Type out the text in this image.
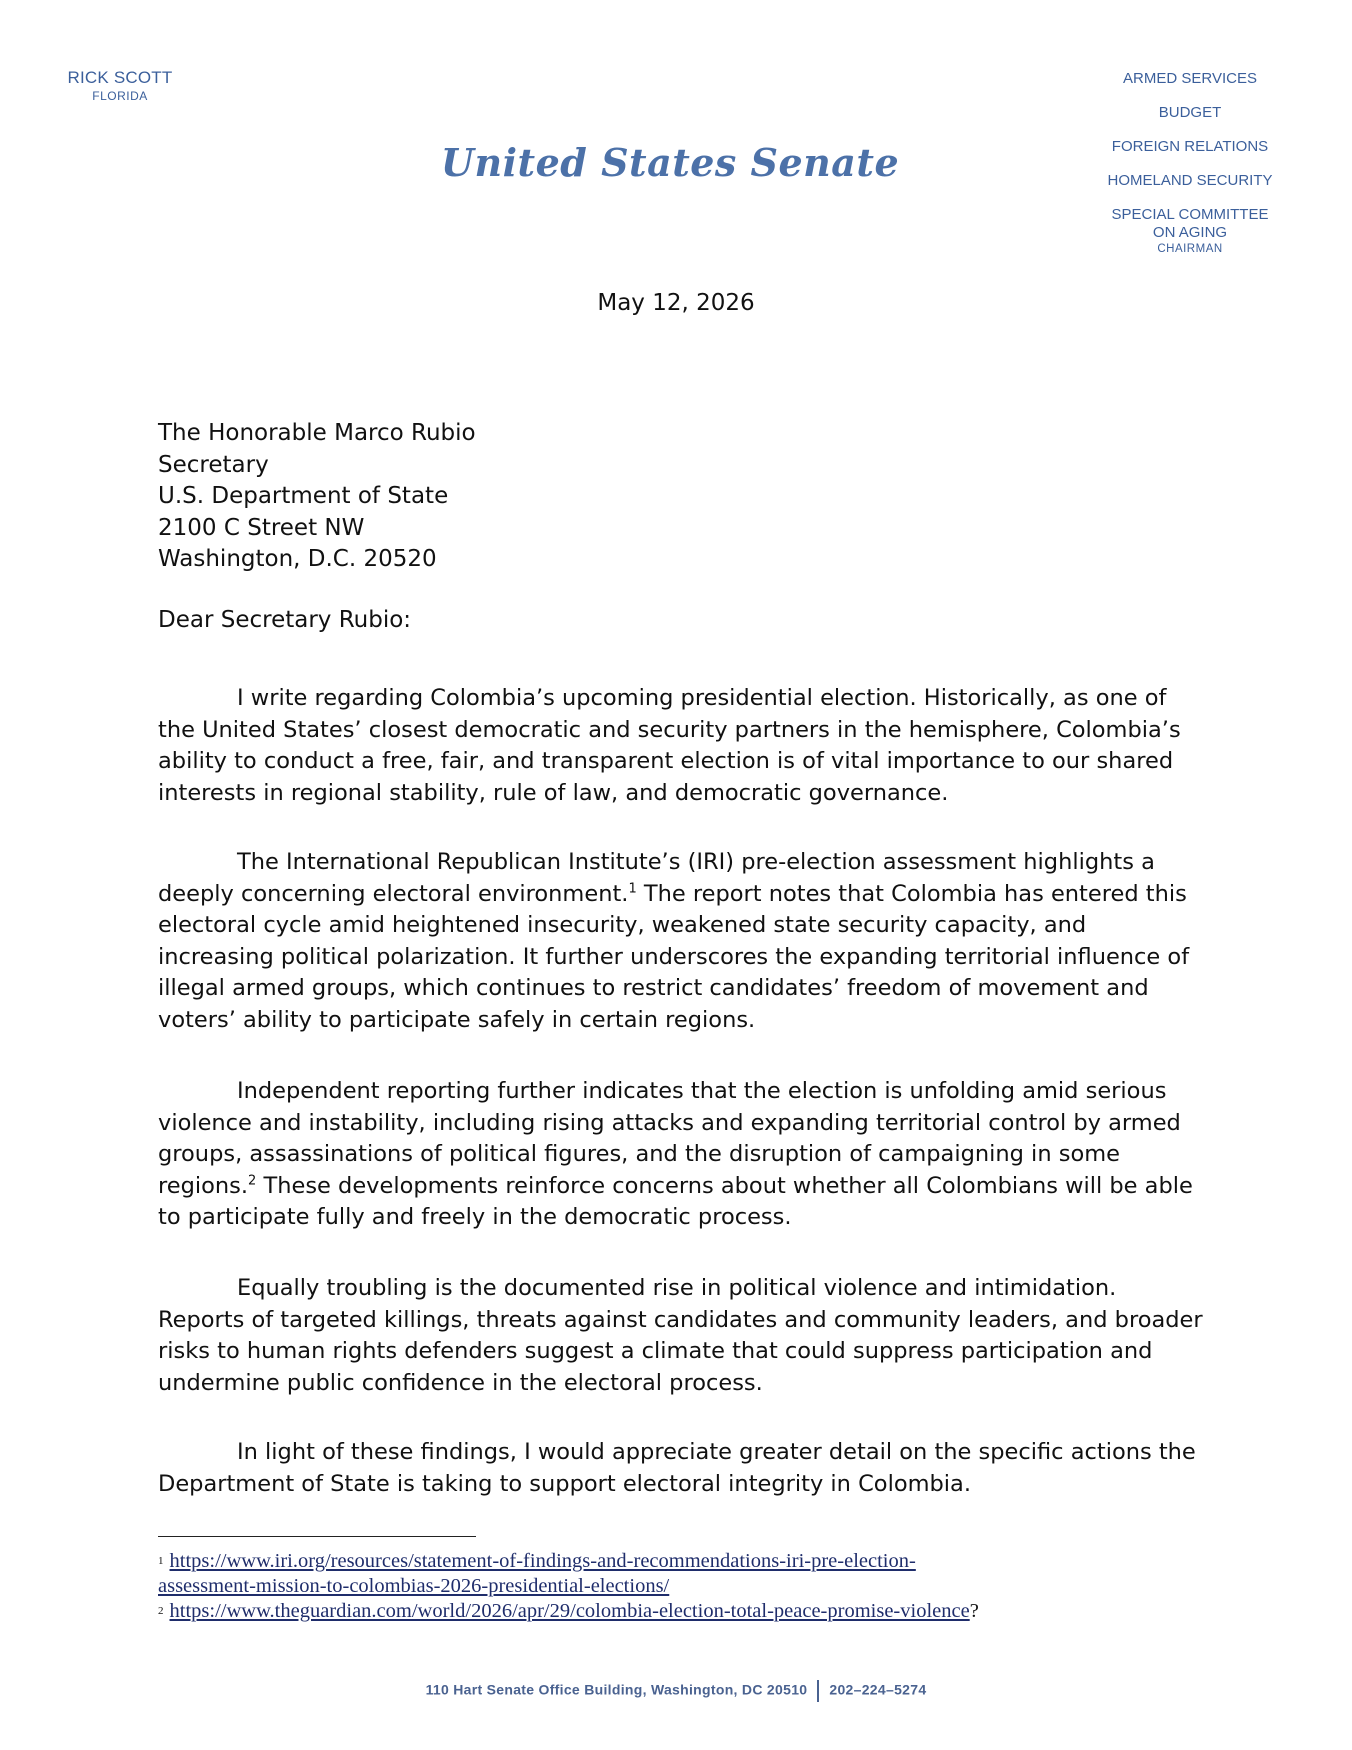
RICK SCOTT
FLORIDA
United States Senate
ARMED SERVICES
BUDGET
FOREIGN RELATIONS
HOMELAND SECURITY
SPECIAL COMMITTEE
ON AGING
CHAIRMAN
May 12, 2026
The Honorable Marco Rubio
Secretary
U.S. Department of State
2100 C Street NW
Washington, D.C. 20520
Dear Secretary Rubio:

I write regarding Colombia’s upcoming presidential election. Historically, as one of the United States’ closest democratic and security partners in the hemisphere, Colombia’s ability to conduct a free, fair, and transparent election is of vital importance to our shared interests in regional stability, rule of law, and democratic governance.

The International Republican Institute’s (IRI) pre-election assessment highlights a deeply concerning electoral environment.$^1$ The report notes that Colombia has entered this electoral cycle amid heightened insecurity, weakened state security capacity, and increasing political polarization. It further underscores the expanding territorial influence of illegal armed groups, which continues to restrict candidates’ freedom of movement and voters’ ability to participate safely in certain regions.

Independent reporting further indicates that the election is unfolding amid serious violence and instability, including rising attacks and expanding territorial control by armed groups, assassinations of political figures, and the disruption of campaigning in some regions.$^2$ These developments reinforce concerns about whether all Colombians will be able to participate fully and freely in the democratic process.

Equally troubling is the documented rise in political violence and intimidation. Reports of targeted killings, threats against candidates and community leaders, and broader risks to human rights defenders suggest a climate that could suppress participation and undermine public confidence in the electoral process.

In light of these findings, I would appreciate greater detail on the specific actions the Department of State is taking to support electoral integrity in Colombia.

1 https://www.iri.org/resources/statement-of-findings-and-recommendations-iri-pre-election-
assessment-mission-to-colombias-2026-presidential-elections/
2 https://www.theguardian.com/world/2026/apr/29/colombia-election-total-peace-promise-violence?
110 Hart Senate Office Building, Washington, DC 20510 202–224–5274
